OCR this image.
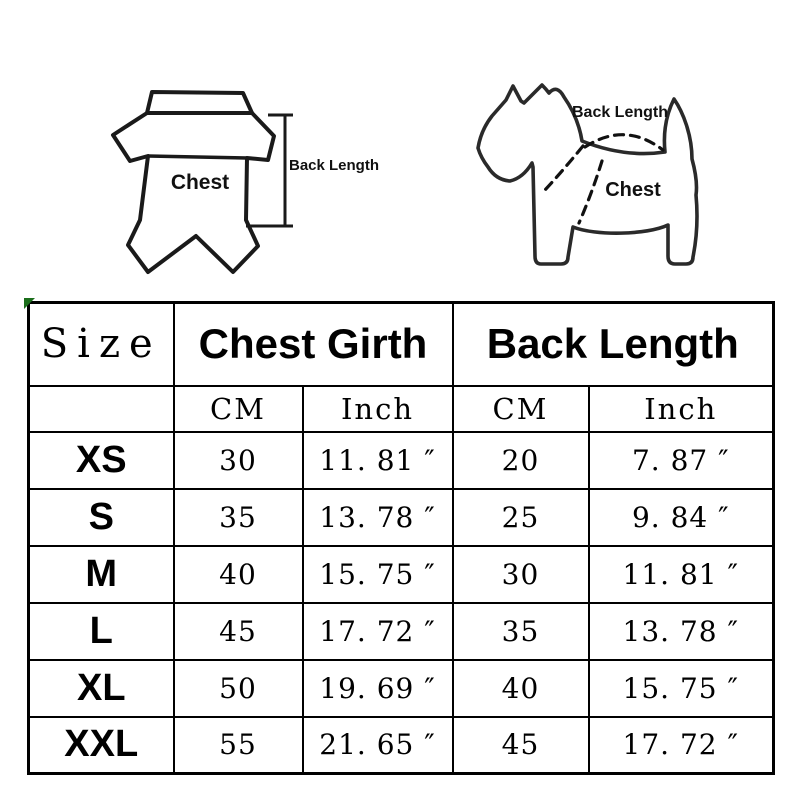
Chest
Back Length
Back Length
Chest
Size	Chest Girth		Back Length	
	CM	Inch	CM	Inch
XS	30	11. 81 ″	20	7. 87 ″
S	35	13. 78 ″	25	9. 84 ″
M	40	15. 75 ″	30	11. 81 ″
L	45	17. 72 ″	35	13. 78 ″
XL	50	19. 69 ″	40	15. 75 ″
XXL	55	21. 65 ″	45	17. 72 ″
